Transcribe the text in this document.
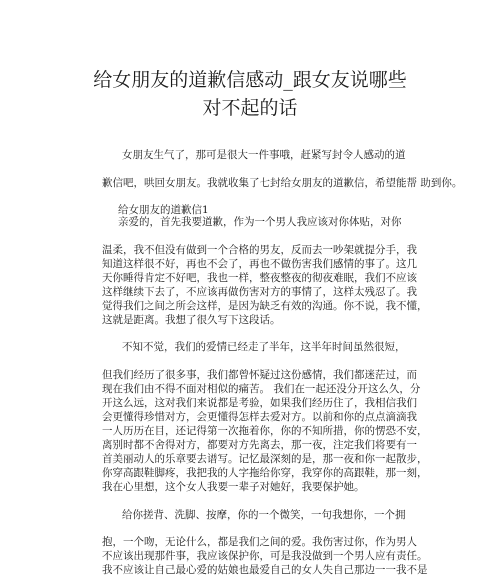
给女朋友的道歉信感动_跟女友说哪些
对不起的话

女朋友生气了，那可是很大一件事哦，赶紧写封令人感动的道

歉信吧，哄回女朋友。我就收集了七封给女朋友的道歉信，希望能帮 助到你。

给女朋友的道歉信1

亲爱的，首先我要道歉，作为一个男人我应该对你体贴，对你

温柔，我不但没有做到一个合格的男友，反而去一吵架就提分手，我

知道这样很不好，再也不会了，再也不做伤害我们感情的事了。这几

天你睡得肯定不好吧，我也一样，整夜整夜的彻夜难眠，我们不应该

这样继续下去了，不应该再做伤害对方的事情了，这样太残忍了。我

觉得我们之间之所会这样，是因为缺乏有效的沟通。你不说，我不懂，

这就是距离。我想了很久写下这段话。

不知不觉，我们的爱情已经走了半年，这半年时间虽然很短，

但我们经历了很多事，我们都曾怀疑过这份感情，我们都迷茫过，而

现在我们由不得不面对相似的痛苦。 我们在一起还没分开这么久，分

开这么远，这对我们来说都是考验，如果我们经历住了，我相信我们

会更懂得珍惜对方，会更懂得怎样去爱对方。以前和你的点点滴滴我

一人历历在目，还记得第一次拖着你，你的不知所措，你的愣恐不安，

离别时都不舍得对方，都要对方先离去，那一夜，注定我们将要有一

首美丽动人的乐章要去谱写。记忆最深刻的是，那一夜和你一起散步，

你穿高跟鞋脚疼，我把我的人字拖给你穿，我穿你的高跟鞋，那一刻，

我在心里想，这个女人我要一辈子对她好，我要保护她。

给你搓背、洗脚、按摩，你的一个微笑，一句我想你，一个拥

抱，一个吻，无论什么，都是我们之间的爱。我伤害过你，作为男人

不应该出现那件事，我应该保护你，可是我没做到一个男人应有责任。

我不应该让自己最心爱的姑娘也最爱自己的女人失自己那边一一我不是
